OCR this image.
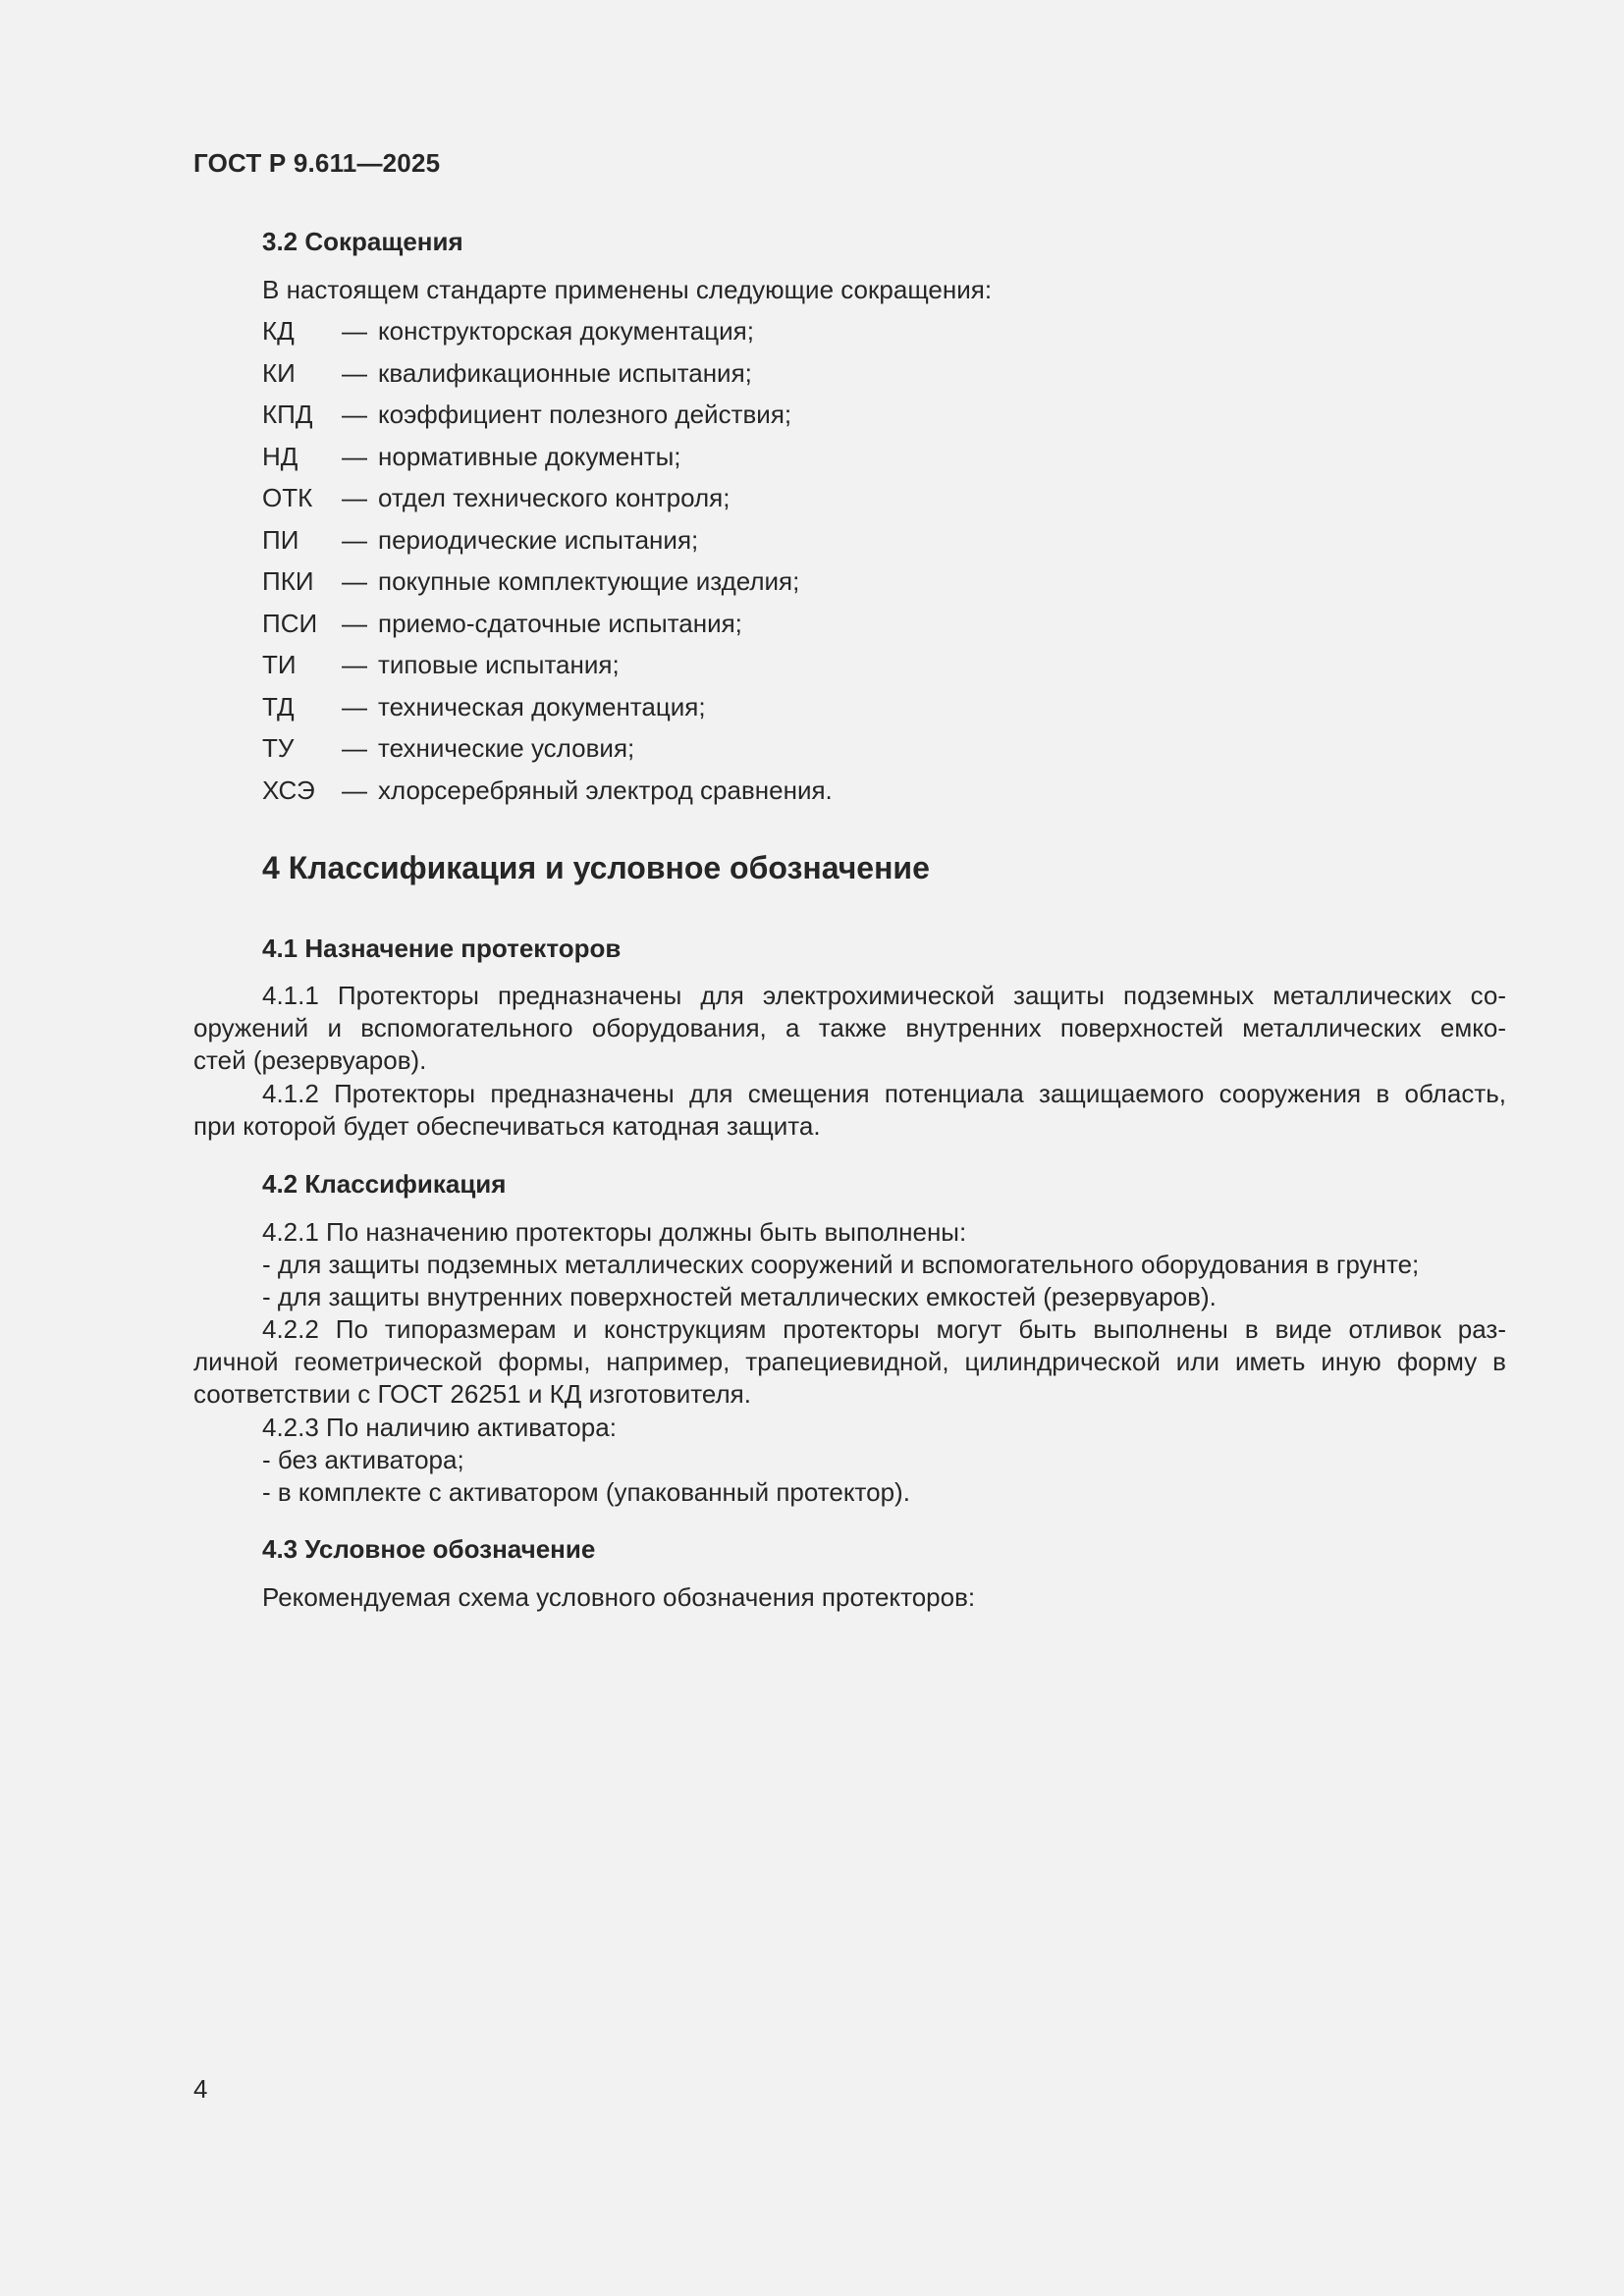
ГОСТ Р 9.611—2025
3.2 Сокращения
В настоящем стандарте применены следующие сокращения:
КД — конструкторская документация;
КИ — квалификационные испытания;
КПД — коэффициент полезного действия;
НД — нормативные документы;
ОТК — отдел технического контроля;
ПИ — периодические испытания;
ПКИ — покупные комплектующие изделия;
ПСИ — приемо-сдаточные испытания;
ТИ — типовые испытания;
ТД — техническая документация;
ТУ — технические условия;
ХСЭ — хлорсеребряный электрод сравнения.
4 Классификация и условное обозначение
4.1 Назначение протекторов
4.1.1 Протекторы предназначены для электрохимической защиты подземных металлических со-
оружений и вспомогательного оборудования, а также внутренних поверхностей металлических емко-
стей (резервуаров).
4.1.2 Протекторы предназначены для смещения потенциала защищаемого сооружения в область,
при которой будет обеспечиваться катодная защита.
4.2 Классификация
4.2.1 По назначению протекторы должны быть выполнены:
- для защиты подземных металлических сооружений и вспомогательного оборудования в грунте;
- для защиты внутренних поверхностей металлических емкостей (резервуаров).
4.2.2 По типоразмерам и конструкциям протекторы могут быть выполнены в виде отливок раз-
личной геометрической формы, например, трапециевидной, цилиндрической или иметь иную форму в
соответствии с ГОСТ 26251 и КД изготовителя.
4.2.3 По наличию активатора:
- без активатора;
- в комплекте с активатором (упакованный протектор).
4.3 Условное обозначение
Рекомендуемая схема условного обозначения протекторов:
4
